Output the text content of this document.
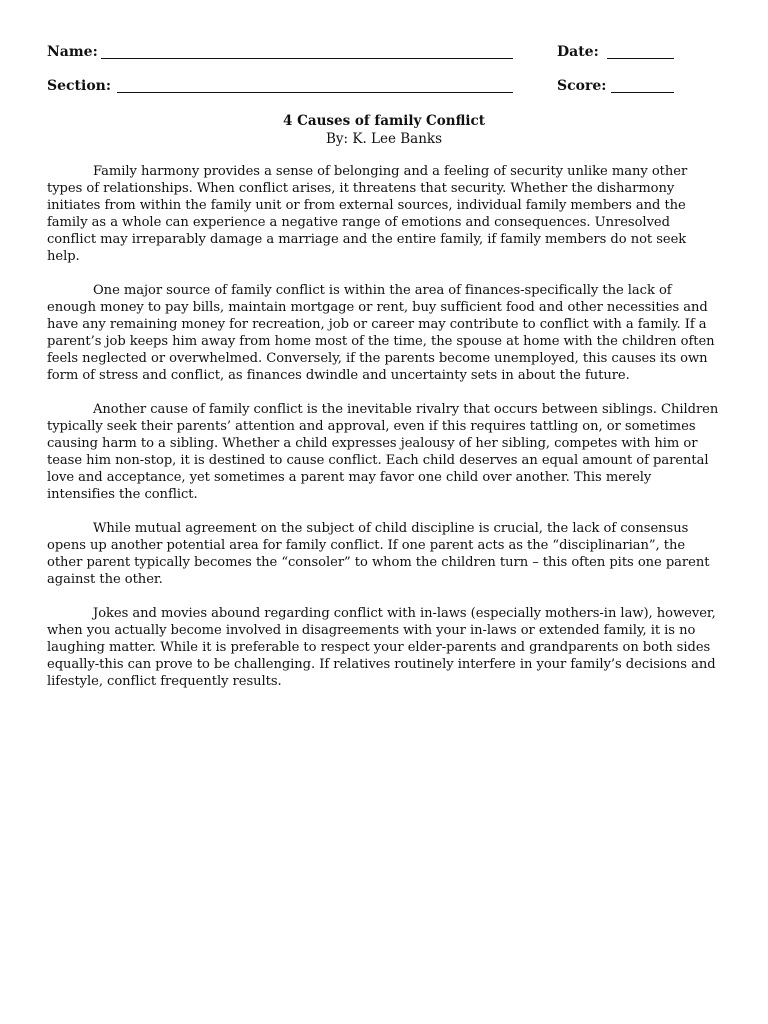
Name:	Date:
Section:	Score:
4 Causes of family Conflict
By: K. Lee Banks

Family harmony provides a sense of belonging and a feeling of security unlike many other types of relationships. When conflict arises, it threatens that security. Whether the disharmony initiates from within the family unit or from external sources, individual family members and the family as a whole can experience a negative range of emotions and consequences. Unresolved conflict may irreparably damage a marriage and the entire family, if family members do not seek help.

One major source of family conflict is within the area of finances-specifically the lack of enough money to pay bills, maintain mortgage or rent, buy sufficient food and other necessities and have any remaining money for recreation, job or career may contribute to conflict with a family. If a parent’s job keeps him away from home most of the time, the spouse at home with the children often feels neglected or overwhelmed. Conversely, if the parents become unemployed, this causes its own form of stress and conflict, as finances dwindle and uncertainty sets in about the future.

Another cause of family conflict is the inevitable rivalry that occurs between siblings. Children typically seek their parents’ attention and approval, even if this requires tattling on, or sometimes causing harm to a sibling. Whether a child expresses jealousy of her sibling, competes with him or tease him non-stop, it is destined to cause conflict. Each child deserves an equal amount of parental love and acceptance, yet sometimes a parent may favor one child over another. This merely intensifies the conflict.

While mutual agreement on the subject of child discipline is crucial, the lack of consensus opens up another potential area for family conflict. If one parent acts as the “disciplinarian”, the other parent typically becomes the “consoler” to whom the children turn – this often pits one parent against the other.

Jokes and movies abound regarding conflict with in-laws (especially mothers-in law), however, when you actually become involved in disagreements with your in-laws or extended family, it is no laughing matter. While it is preferable to respect your elder-parents and grandparents on both sides equally-this can prove to be challenging. If relatives routinely interfere in your family’s decisions and lifestyle, conflict frequently results.
